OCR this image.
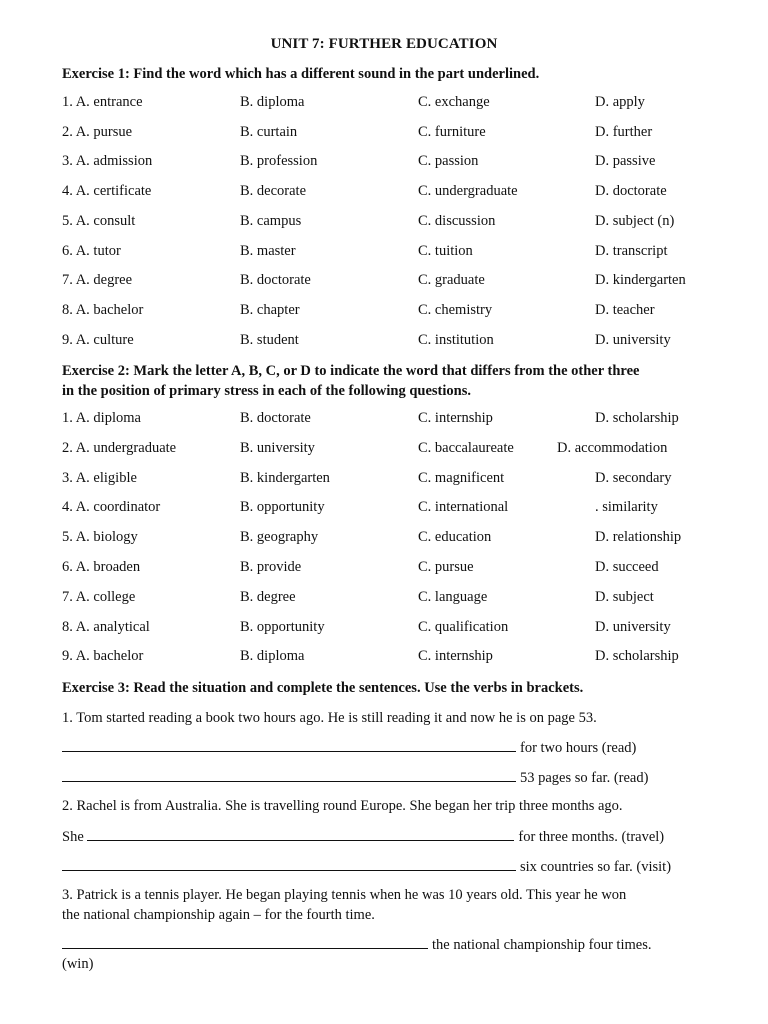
UNIT 7: FURTHER EDUCATION
Exercise 1: Find the word which has a different sound in the part underlined.
1. A. entrance	B. diploma	C. exchange	D. apply
2. A. pursue	B. curtain	C. furniture	D. further
3. A. admission	B. profession	C. passion	D. passive
4. A. certificate	B. decorate	C. undergraduate	D. doctorate
5. A. consult	B. campus	C. discussion	D. subject (n)
6. A. tutor	B. master	C. tuition	D. transcript
7. A. degree	B. doctorate	C. graduate	D. kindergarten
8. A. bachelor	B. chapter	C. chemistry	D. teacher
9. A. culture	B. student	C. institution	D. university
Exercise 2: Mark the letter A, B, C, or D to indicate the word that differs from the other three
in the position of primary stress in each of the following questions.
1. A. diploma	B. doctorate	C. internship	D. scholarship
2. A. undergraduate	B. university	C. baccalaureate	D. accommodation
3. A. eligible	B. kindergarten	C. magnificent	D. secondary
4. A. coordinator	B. opportunity	C. international	. similarity
5. A. biology	B. geography	C. education	D. relationship
6. A. broaden	B. provide	C. pursue	D. succeed
7. A. college	B. degree	C. language	D. subject
8. A. analytical	B. opportunity	C. qualification	D. university
9. A. bachelor	B. diploma	C. internship	D. scholarship
Exercise 3: Read the situation and complete the sentences. Use the verbs in brackets.
1. Tom started reading a book two hours ago. He is still reading it and now he is on page 53.
for two hours (read)
53 pages so far. (read)
2. Rachel is from Australia. She is travelling round Europe. She began her trip three months ago.
She	for three months. (travel)
six countries so far. (visit)
3. Patrick is a tennis player. He began playing tennis when he was 10 years old. This year he won
the national championship again – for the fourth time.
the national championship four times.
(win)
